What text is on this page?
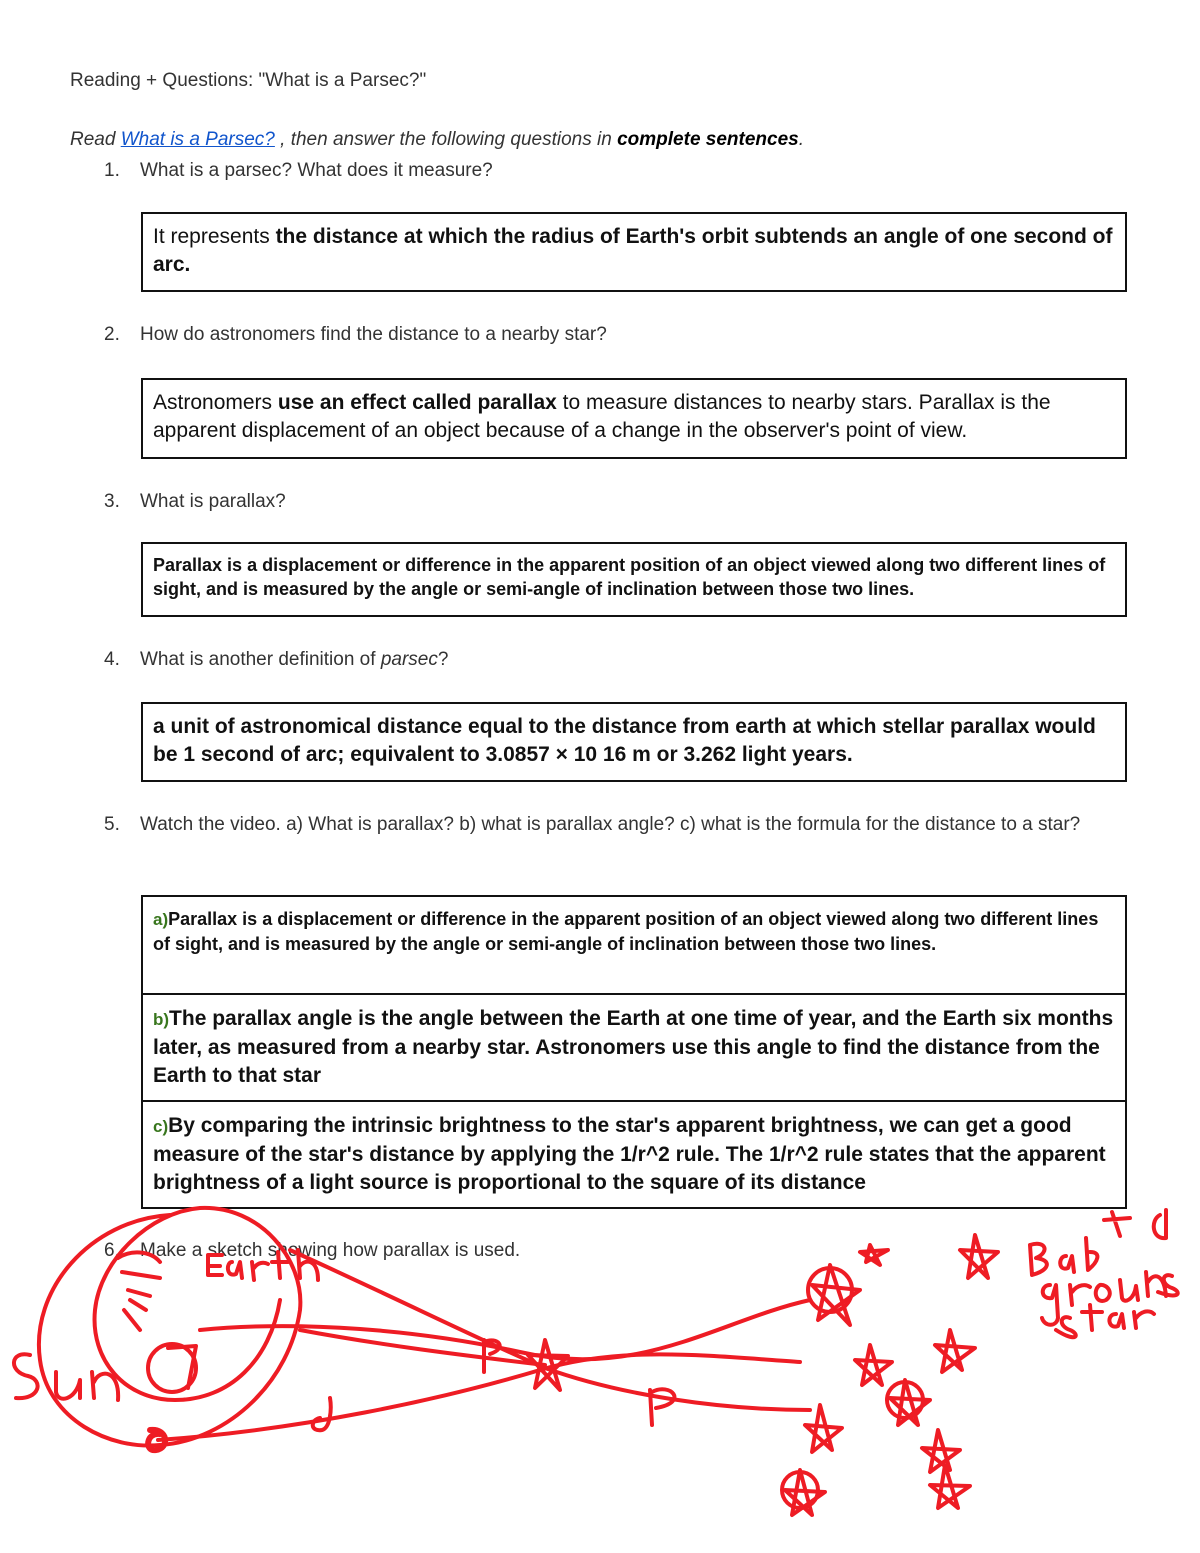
Reading + Questions: "What is a Parsec?"
Read What is a Parsec? , then answer the following questions in complete sentences.
1. What is a parsec? What does it measure?
It represents the distance at which the radius of Earth's orbit subtends an angle of one second of arc.
2. How do astronomers find the distance to a nearby star?
Astronomers use an effect called parallax to measure distances to nearby stars. Parallax is the apparent displacement of an object because of a change in the observer's point of view.
3. What is parallax?
Parallax is a displacement or difference in the apparent position of an object viewed along two different lines of sight, and is measured by the angle or semi-angle of inclination between those two lines.
4. What is another definition of parsec?
a unit of astronomical distance equal to the distance from earth at which stellar parallax would be 1 second of arc; equivalent to 3.0857 × 10 16 m or 3.262 light years.
5. Watch the video. a) What is parallax? b) what is parallax angle? c) what is the formula for the distance to a star?
a)Parallax is a displacement or difference in the apparent position of an object viewed along two different lines of sight, and is measured by the angle or semi-angle of inclination between those two lines.
b)The parallax angle is the angle between the Earth at one time of year, and the Earth six months later, as measured from a nearby star. Astronomers use this angle to find the distance from the Earth to that star
c)By comparing the intrinsic brightness to the star's apparent brightness, we can get a good measure of the star's distance by applying the 1/r^2 rule. The 1/r^2 rule states that the apparent brightness of a light source is proportional to the square of its distance
6. Make a sketch showing how parallax is used.
